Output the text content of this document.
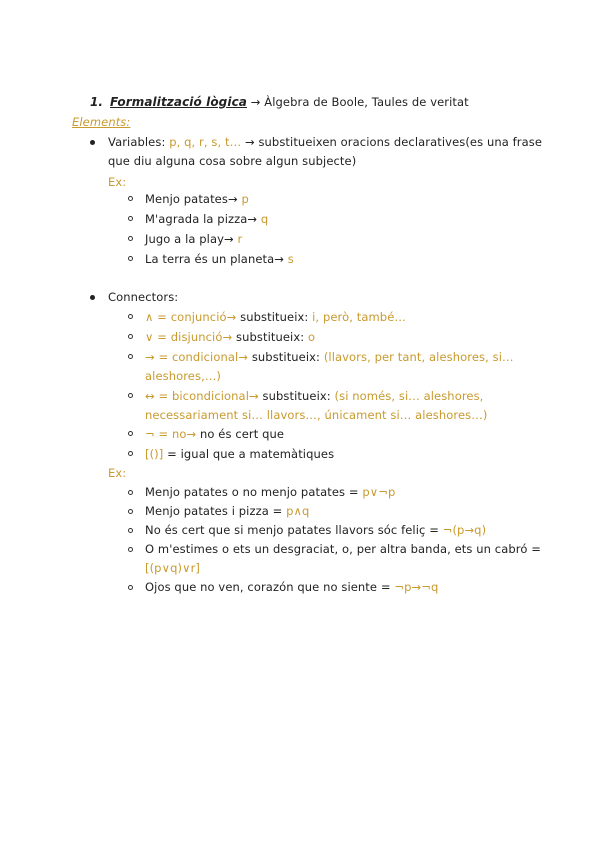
1. Formalització lògica → Àlgebra de Boole, Taules de veritat
Elements:
Variables: p, q, r, s, t… → substitueixen oracions declaratives(es una frase
que diu alguna cosa sobre algun subjecte)
Ex:
Menjo patates→ p
M'agrada la pizza→ q
Jugo a la play→ r
La terra és un planeta→ s
Connectors:
∧ = conjunció→ substitueix: i, però, també…
∨ = disjunció→ substitueix: o
→ = condicional→ substitueix: (llavors, per tant, aleshores, si…
aleshores,…)
↔ = bicondicional→ substitueix: (si només, si… aleshores,
necessariament si… llavors…, únicament si… aleshores…)
¬ = no→ no és cert que
[()] = igual que a matemàtiques
Ex:
Menjo patates o no menjo patates = p∨¬p
Menjo patates i pizza = p∧q
No és cert que si menjo patates llavors sóc feliç = ¬(p→q)
O m'estimes o ets un desgraciat, o, per altra banda, ets un cabró =
[(p∨q)∨r]
Ojos que no ven, corazón que no siente = ¬p→¬q
